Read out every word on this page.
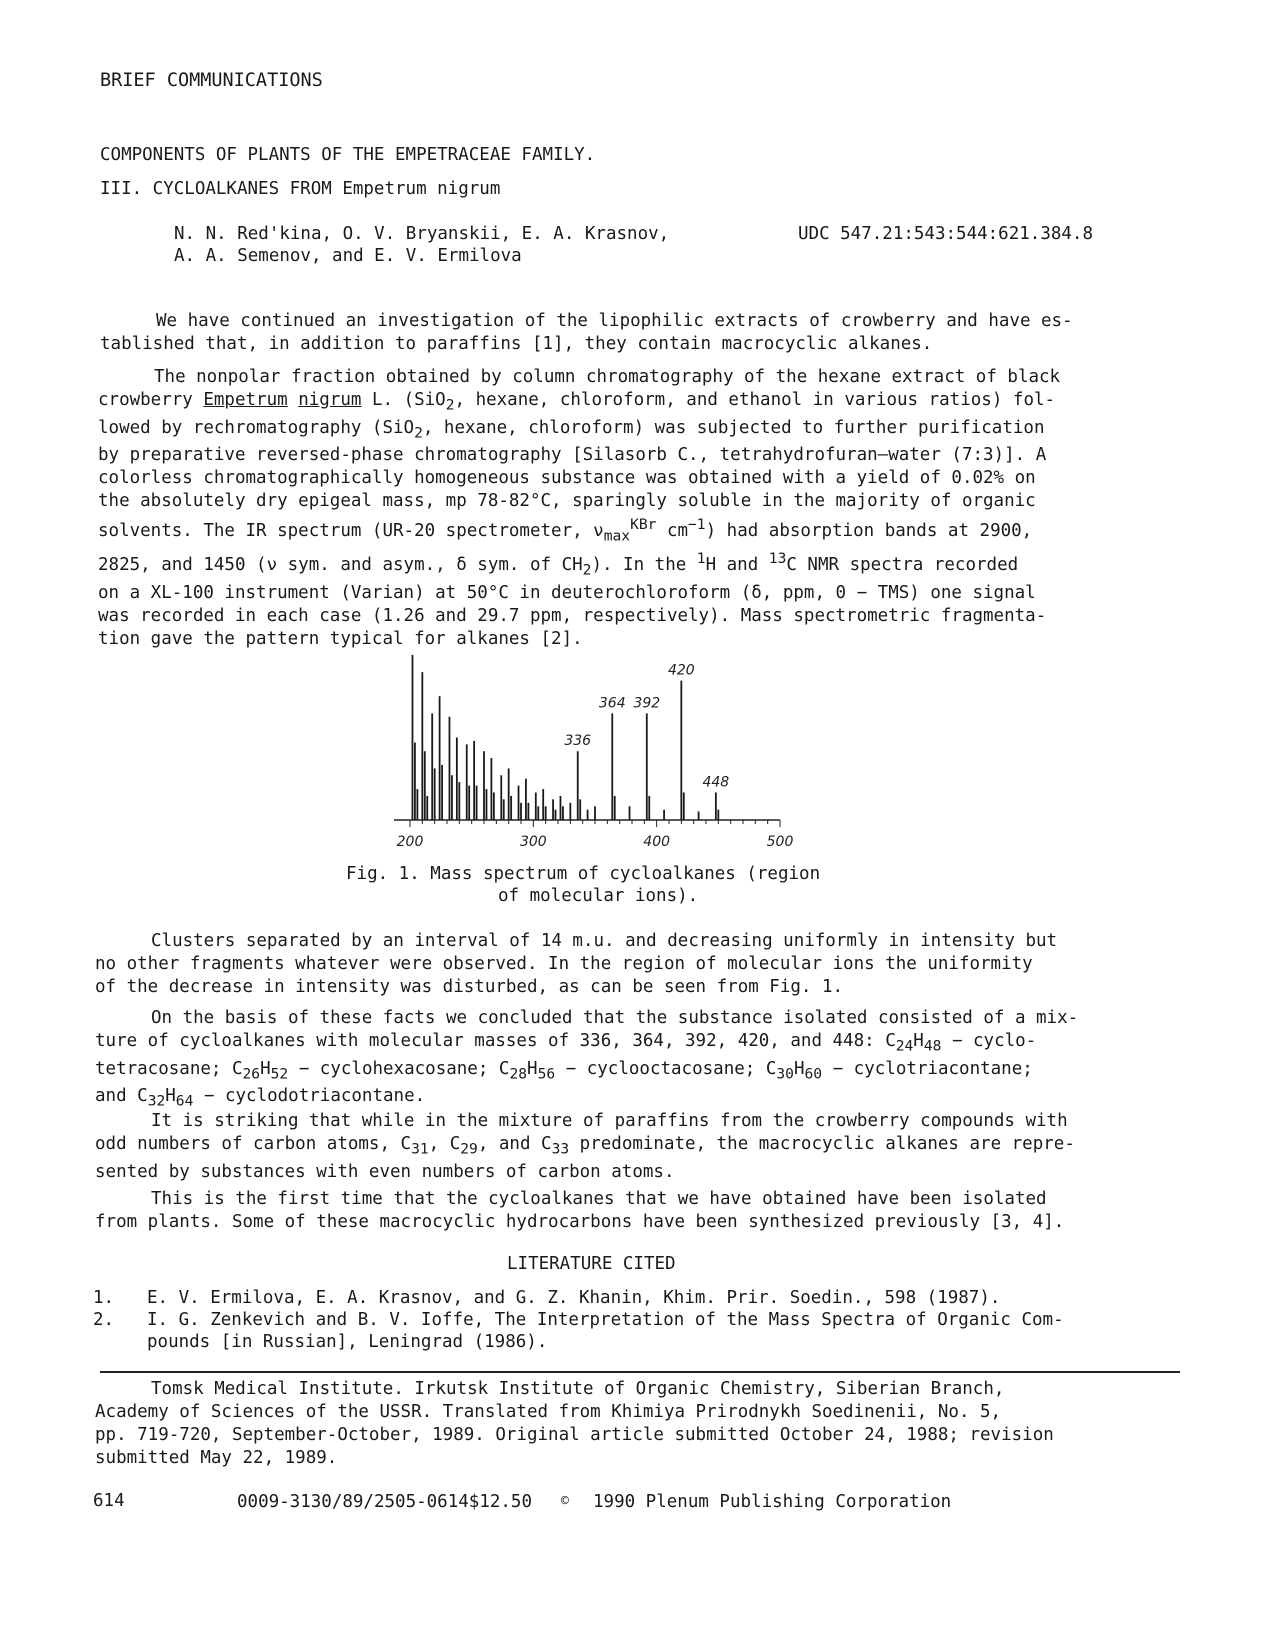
BRIEF COMMUNICATIONS

COMPONENTS OF PLANTS OF THE EMPETRACEAE FAMILY.

III. CYCLOALKANES FROM Empetrum nigrum

N. N. Red'kina, O. V. Bryanskii, E. A. Krasnov,

A. A. Semenov, and E. V. Ermilova

UDC 547.21:543:544:621.384.8

We have continued an investigation of the lipophilic extracts of crowberry and have es-
tablished that, in addition to paraffins [1], they contain macrocyclic alkanes.
The nonpolar fraction obtained by column chromatography of the hexane extract of black
crowberry Empetrum nigrum L. (SiO$_2$, hexane, chloroform, and ethanol in various ratios) fol-
lowed by rechromatography (SiO$_2$, hexane, chloroform) was subjected to further purification
by preparative reversed-phase chromatography [Silasorb C., tetrahydrofuran—water (7:3)]. A
colorless chromatographically homogeneous substance was obtained with a yield of 0.02% on
the absolutely dry epigeal mass, mp 78-82°C, sparingly soluble in the majority of organic
solvents. The IR spectrum (UR-20 spectrometer, $\nu_{max}^{KBr}$ $cm^{-1}$) had absorption bands at 2900,
2825, and 1450 (ν sym. and asym., δ sym. of $CH_2$). In the $^1$H and $^{13}$C NMR spectra recorded
on a XL-100 instrument (Varian) at 50°C in deuterochloroform (δ, ppm, 0 − TMS) one signal
was recorded in each case (1.26 and 29.7 ppm, respectively). Mass spectrometric fragmenta-
tion gave the pattern typical for alkanes [2].
336
364 392
420
448
200	300	400	500

Fig. 1. Mass spectrum of cycloalkanes (region

of molecular ions).

Clusters separated by an interval of 14 m.u. and decreasing uniformly in intensity but
no other fragments whatever were observed. In the region of molecular ions the uniformity
of the decrease in intensity was disturbed, as can be seen from Fig. 1.
On the basis of these facts we concluded that the substance isolated consisted of a mix-
ture of cycloalkanes with molecular masses of 336, 364, 392, 420, and 448: $C_{24}H_{48}$ − cyclo-
tetracosane; $C_{26}H_{52}$ − cyclohexacosane; $C_{28}H_{56}$ − cyclooctacosane; $C_{30}H_{60}$ − cyclotriacontane;
and $C_{32}H_{64}$ − cyclodotriacontane.
It is striking that while in the mixture of paraffins from the crowberry compounds with
odd numbers of carbon atoms, $C_{31}$, $C_{29}$, and $C_{33}$ predominate, the macrocyclic alkanes are repre-
sented by substances with even numbers of carbon atoms.
This is the first time that the cycloalkanes that we have obtained have been isolated
from plants. Some of these macrocyclic hydrocarbons have been synthesized previously [3, 4].

LITERATURE CITED

1. E. V. Ermilova, E. A. Krasnov, and G. Z. Khanin, Khim. Prir. Soedin., 598 (1987).

2. I. G. Zenkevich and B. V. Ioffe, The Interpretation of the Mass Spectra of Organic Com-

pounds [in Russian], Leningrad (1986).

Tomsk Medical Institute. Irkutsk Institute of Organic Chemistry, Siberian Branch,
Academy of Sciences of the USSR. Translated from Khimiya Prirodnykh Soedinenii, No. 5,
pp. 719-720, September-October, 1989. Original article submitted October 24, 1988; revision
submitted May 22, 1989.

614	0009-3130/89/2505-0614$12.50 © 1990 Plenum Publishing Corporation
